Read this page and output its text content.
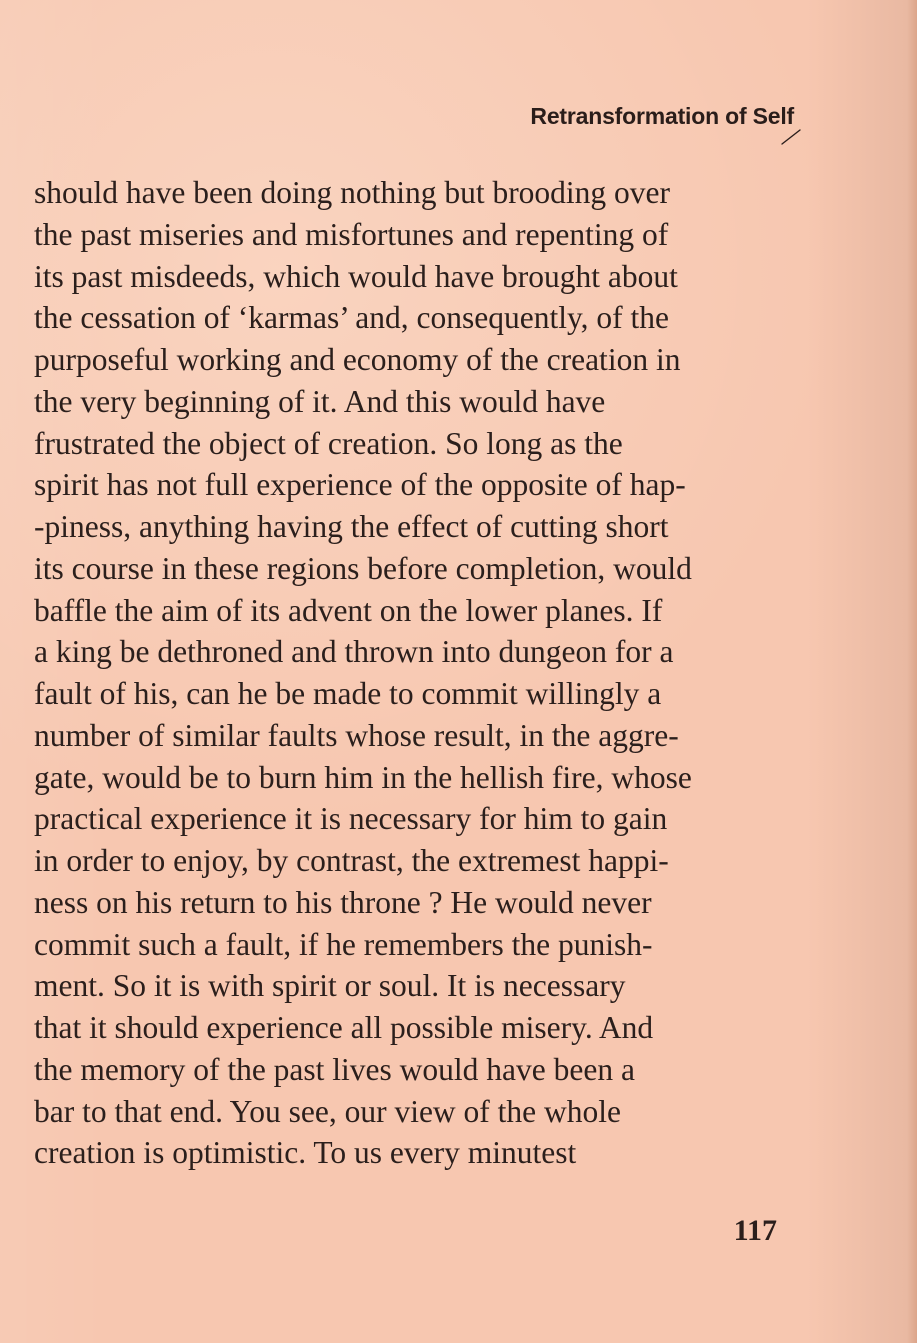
Retransformation of Self
should have been doing nothing but brooding over
the past miseries and misfortunes and repenting of
its past misdeeds, which would have brought about
the cessation of ‘karmas’ and, consequently, of the
purposeful working and economy of the creation in
the very beginning of it. And this would have
frustrated the object of creation. So long as the
spirit has not full experience of the opposite of hap-
-piness, anything having the effect of cutting short
its course in these regions before completion, would
baffle the aim of its advent on the lower planes. If
a king be dethroned and thrown into dungeon for a
fault of his, can he be made to commit willingly a
number of similar faults whose result, in the aggre-
gate, would be to burn him in the hellish fire, whose
practical experience it is necessary for him to gain
in order to enjoy, by contrast, the extremest happi-
ness on his return to his throne ? He would never
commit such a fault, if he remembers the punish-
ment. So it is with spirit or soul. It is necessary
that it should experience all possible misery. And
the memory of the past lives would have been a
bar to that end. You see, our view of the whole
creation is optimistic. To us every minutest
117
